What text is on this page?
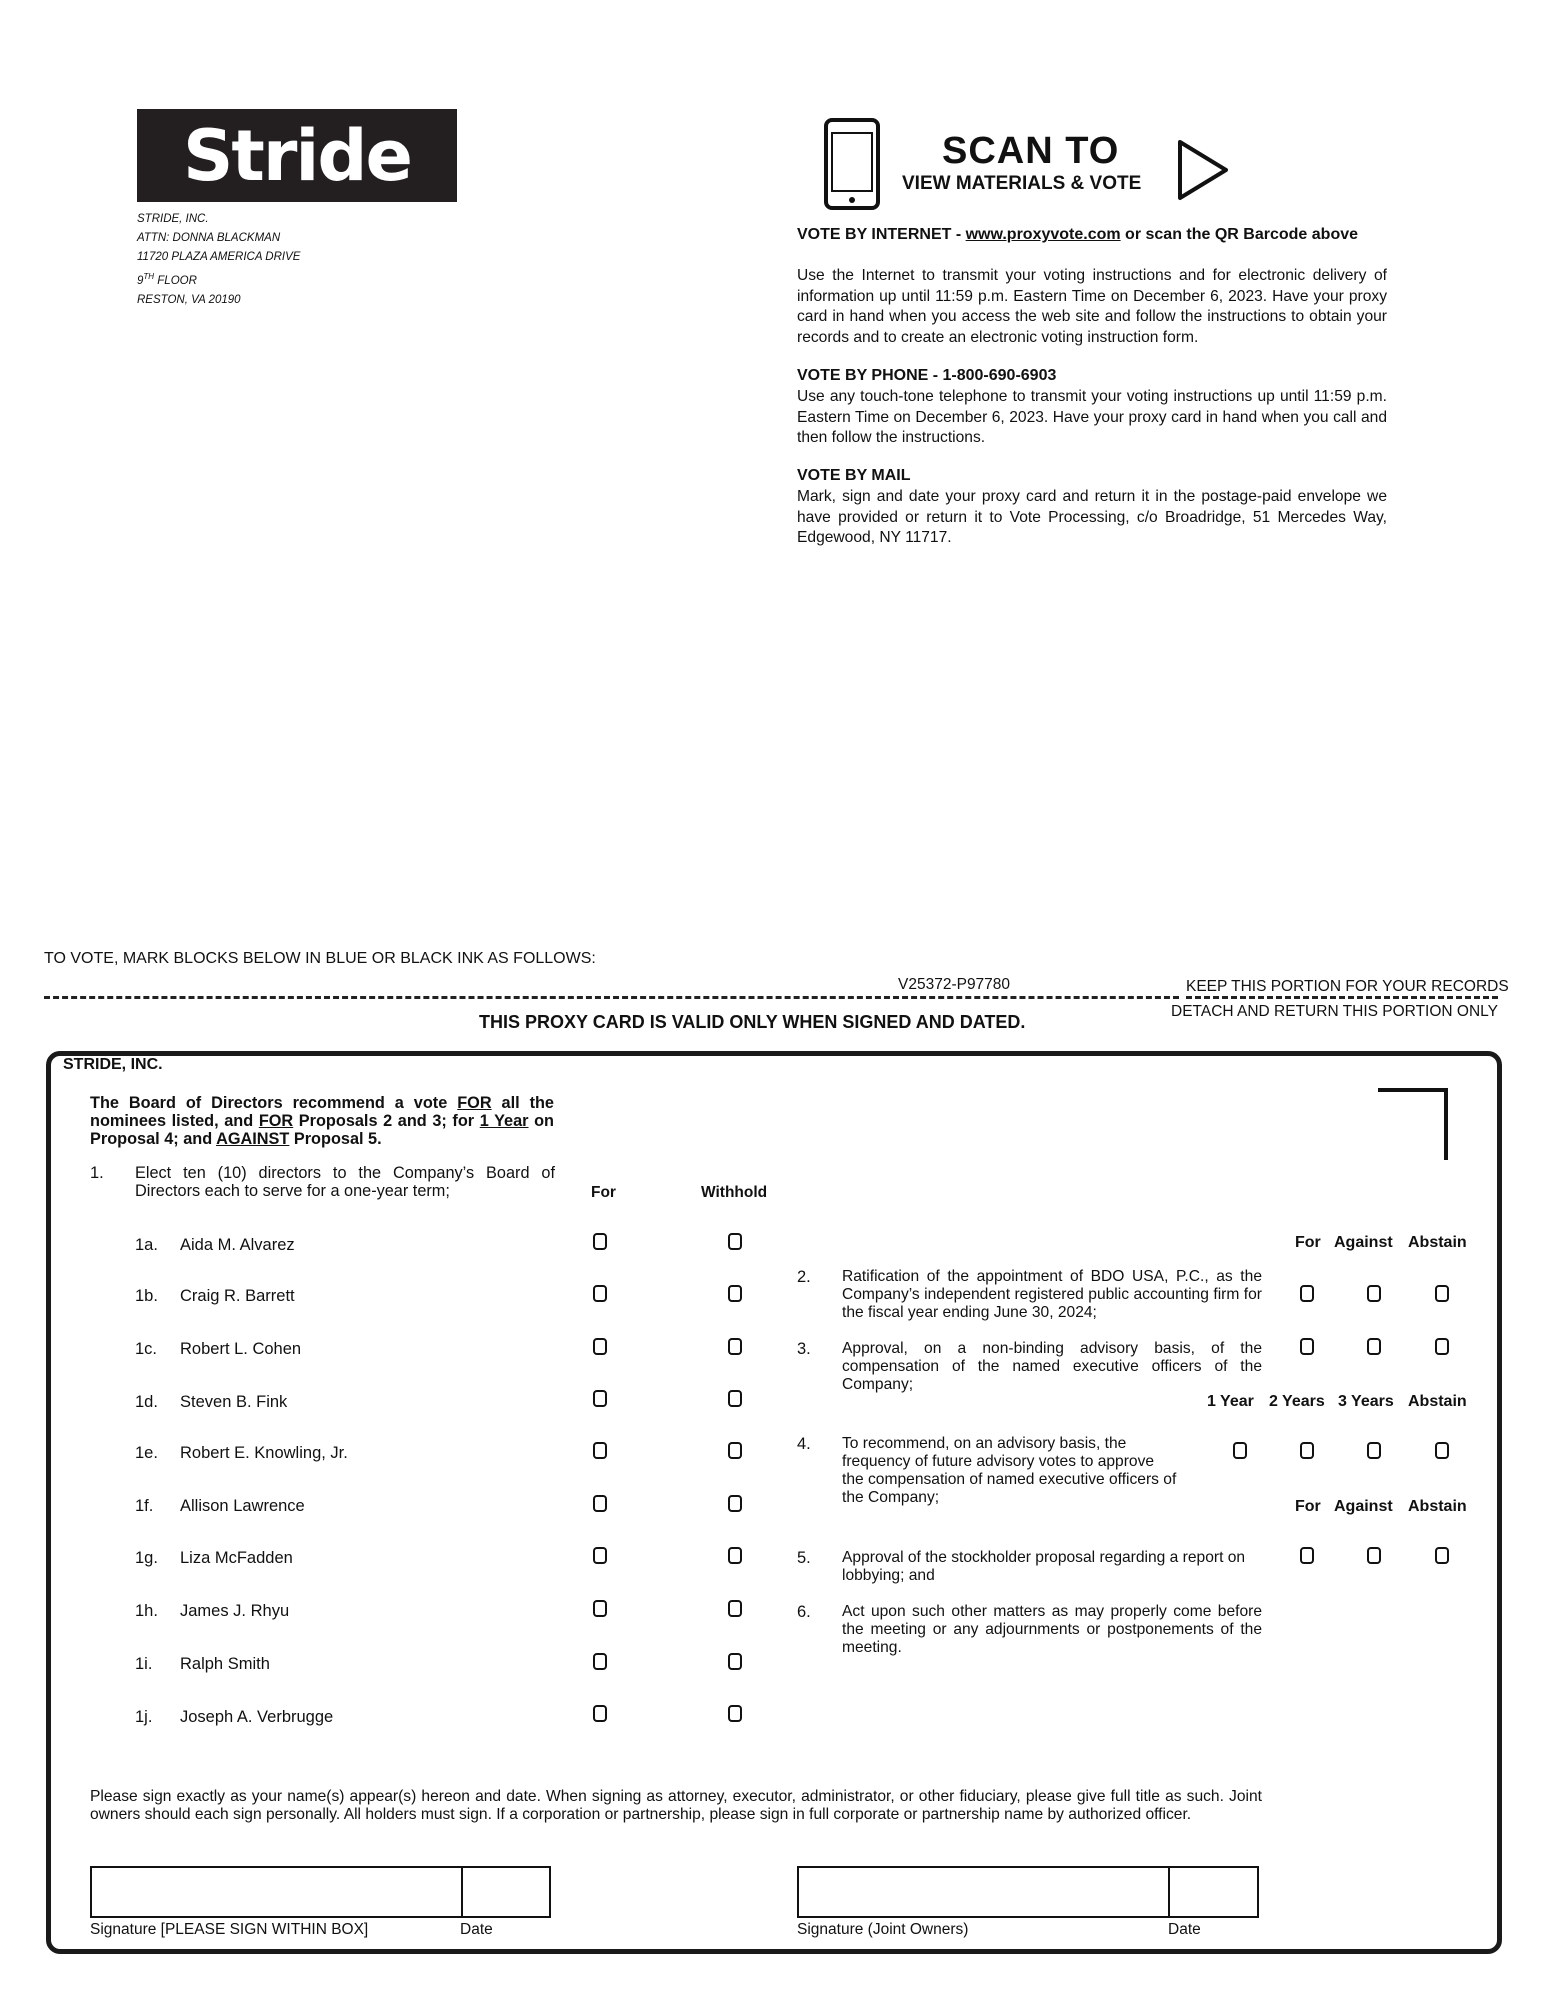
Stride
STRIDE, INC.
ATTN: DONNA BLACKMAN
11720 PLAZA AMERICA DRIVE
9TH FLOOR
RESTON, VA 20190
SCAN TO
VIEW MATERIALS & VOTE
VOTE BY INTERNET - www.proxyvote.com or scan the QR Barcode above
Use the Internet to transmit your voting instructions and for electronic delivery of information up until 11:59 p.m. Eastern Time on December 6, 2023. Have your proxy card in hand when you access the web site and follow the instructions to obtain your records and to create an electronic voting instruction form.
VOTE BY PHONE - 1-800-690-6903
Use any touch-tone telephone to transmit your voting instructions up until 11:59 p.m. Eastern Time on December 6, 2023. Have your proxy card in hand when you call and then follow the instructions.
VOTE BY MAIL
Mark, sign and date your proxy card and return it in the postage-paid envelope we have provided or return it to Vote Processing, c/o Broadridge, 51 Mercedes Way, Edgewood, NY 11717.
TO VOTE, MARK BLOCKS BELOW IN BLUE OR BLACK INK AS FOLLOWS:
V25372-P97780	KEEP THIS PORTION FOR YOUR RECORDS
DETACH AND RETURN THIS PORTION ONLY
THIS PROXY CARD IS VALID ONLY WHEN SIGNED AND DATED.
STRIDE, INC.
The Board of Directors recommend a vote FOR all the nominees listed, and FOR Proposals 2 and 3; for 1 Year on Proposal 4; and AGAINST Proposal 5.
1. Elect ten (10) directors to the Company’s Board of Directors each to serve for a one-year term;	For	Withhold
1a. Aida M. Alvarez
1b. Craig R. Barrett
1c. Robert L. Cohen
1d. Steven B. Fink
1e. Robert E. Knowling, Jr.
1f. Allison Lawrence
1g. Liza McFadden
1h. James J. Rhyu
1i. Ralph Smith
1j. Joseph A. Verbrugge
For Against Abstain
2. Ratification of the appointment of BDO USA, P.C., as the Company’s independent registered public accounting firm for the fiscal year ending June 30, 2024;
3. Approval, on a non-binding advisory basis, of the compensation of the named executive officers of the Company;
1 Year 2 Years 3 Years Abstain
4. To recommend, on an advisory basis, the frequency of future advisory votes to approve the compensation of named executive officers of the Company;
For Against Abstain
5. Approval of the stockholder proposal regarding a report on lobbying; and
6. Act upon such other matters as may properly come before the meeting or any adjournments or postponements of the meeting.
Please sign exactly as your name(s) appear(s) hereon and date. When signing as attorney, executor, administrator, or other fiduciary, please give full title as such. Joint owners should each sign personally. All holders must sign. If a corporation or partnership, please sign in full corporate or partnership name by authorized officer.
Signature [PLEASE SIGN WITHIN BOX]	Date	Signature (Joint Owners)	Date
